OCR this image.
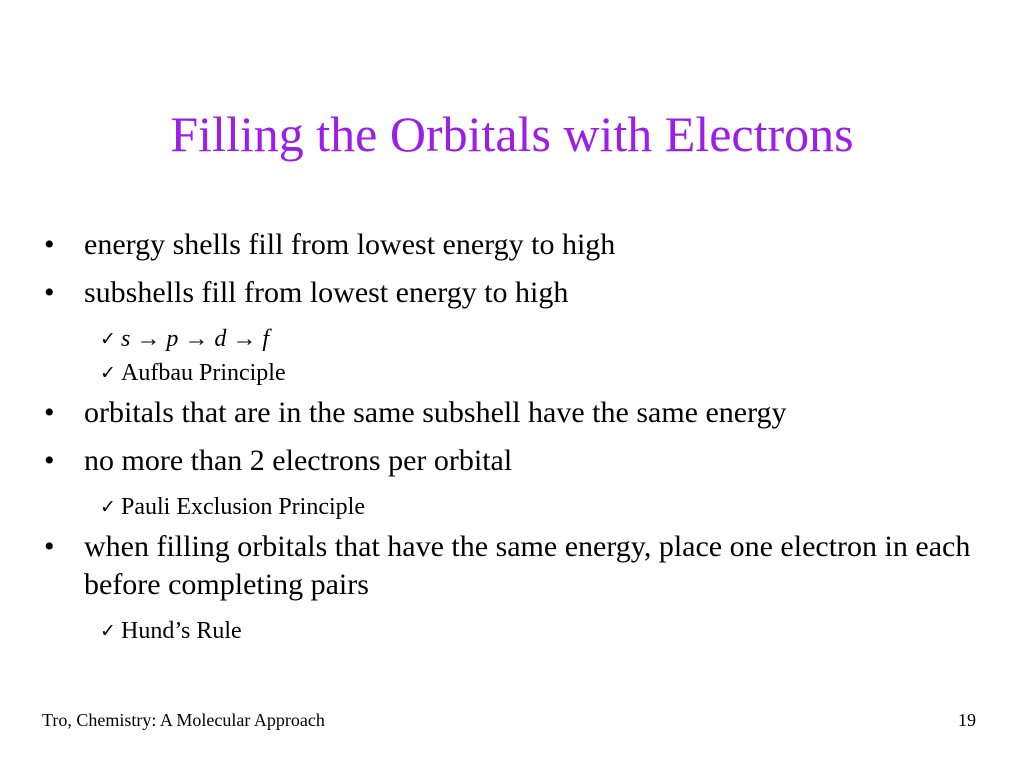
Filling the Orbitals with Electrons
• energy shells fill from lowest energy to high
• subshells fill from lowest energy to high
✓ s → p → d → f
✓ Aufbau Principle
• orbitals that are in the same subshell have the same energy
• no more than 2 electrons per orbital
✓ Pauli Exclusion Principle
• when filling orbitals that have the same energy, place one electron in each before completing pairs
✓ Hund’s Rule
Tro, Chemistry: A Molecular Approach	19
